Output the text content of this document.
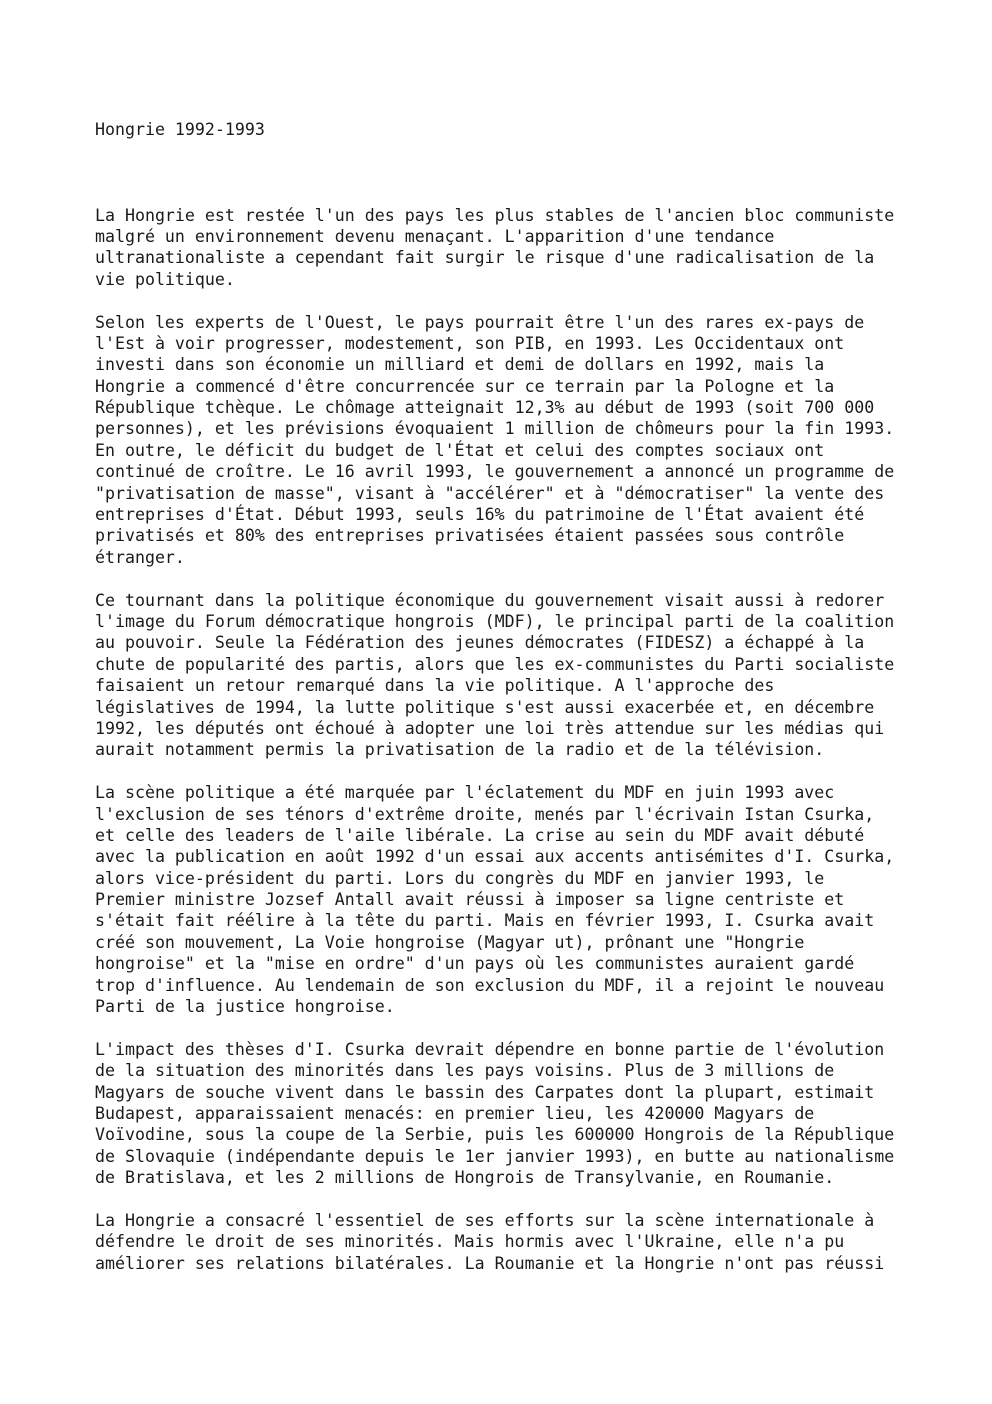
Hongrie 1992-1993
La Hongrie est restée l'un des pays les plus stables de l'ancien bloc communiste
malgré un environnement devenu menaçant. L'apparition d'une tendance
ultranationaliste a cependant fait surgir le risque d'une radicalisation de la
vie politique.
Selon les experts de l'Ouest, le pays pourrait être l'un des rares ex-pays de
l'Est à voir progresser, modestement, son PIB, en 1993. Les Occidentaux ont
investi dans son économie un milliard et demi de dollars en 1992, mais la
Hongrie a commencé d'être concurrencée sur ce terrain par la Pologne et la
République tchèque. Le chômage atteignait 12,3% au début de 1993 (soit 700 000
personnes), et les prévisions évoquaient 1 million de chômeurs pour la fin 1993.
En outre, le déficit du budget de l'État et celui des comptes sociaux ont
continué de croître. Le 16 avril 1993, le gouvernement a annoncé un programme de
"privatisation de masse", visant à "accélérer" et à "démocratiser" la vente des
entreprises d'État. Début 1993, seuls 16% du patrimoine de l'État avaient été
privatisés et 80% des entreprises privatisées étaient passées sous contrôle
étranger.
Ce tournant dans la politique économique du gouvernement visait aussi à redorer
l'image du Forum démocratique hongrois (MDF), le principal parti de la coalition
au pouvoir. Seule la Fédération des jeunes démocrates (FIDESZ) a échappé à la
chute de popularité des partis, alors que les ex-communistes du Parti socialiste
faisaient un retour remarqué dans la vie politique. A l'approche des
législatives de 1994, la lutte politique s'est aussi exacerbée et, en décembre
1992, les députés ont échoué à adopter une loi très attendue sur les médias qui
aurait notamment permis la privatisation de la radio et de la télévision.
La scène politique a été marquée par l'éclatement du MDF en juin 1993 avec
l'exclusion de ses ténors d'extrême droite, menés par l'écrivain Istan Csurka,
et celle des leaders de l'aile libérale. La crise au sein du MDF avait débuté
avec la publication en août 1992 d'un essai aux accents antisémites d'I. Csurka,
alors vice-président du parti. Lors du congrès du MDF en janvier 1993, le
Premier ministre Jozsef Antall avait réussi à imposer sa ligne centriste et
s'était fait réélire à la tête du parti. Mais en février 1993, I. Csurka avait
créé son mouvement, La Voie hongroise (Magyar ut), prônant une "Hongrie
hongroise" et la "mise en ordre" d'un pays où les communistes auraient gardé
trop d'influence. Au lendemain de son exclusion du MDF, il a rejoint le nouveau
Parti de la justice hongroise.
L'impact des thèses d'I. Csurka devrait dépendre en bonne partie de l'évolution
de la situation des minorités dans les pays voisins. Plus de 3 millions de
Magyars de souche vivent dans le bassin des Carpates dont la plupart, estimait
Budapest, apparaissaient menacés: en premier lieu, les 420000 Magyars de
Voïvodine, sous la coupe de la Serbie, puis les 600000 Hongrois de la République
de Slovaquie (indépendante depuis le 1er janvier 1993), en butte au nationalisme
de Bratislava, et les 2 millions de Hongrois de Transylvanie, en Roumanie.
La Hongrie a consacré l'essentiel de ses efforts sur la scène internationale à
défendre le droit de ses minorités. Mais hormis avec l'Ukraine, elle n'a pu
améliorer ses relations bilatérales. La Roumanie et la Hongrie n'ont pas réussi
